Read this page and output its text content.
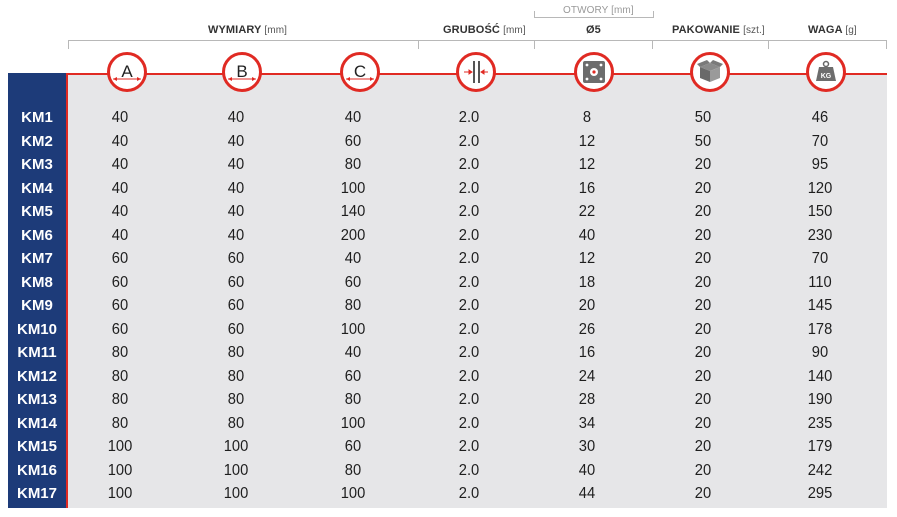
WYMIARY [mm]	GRUBOŚĆ [mm]
OTWORY [mm]
Ø5	PAKOWANIE [szt.]	WAGA [g]
A	B	C	KG
KM1	40	40	40	2.0	8	50	46
KM2	40	40	60	2.0	12	50	70
KM3	40	40	80	2.0	12	20	95
KM4	40	40	100	2.0	16	20	120
KM5	40	40	140	2.0	22	20	150
KM6	40	40	200	2.0	40	20	230
KM7	60	60	40	2.0	12	20	70
KM8	60	60	60	2.0	18	20	110
KM9	60	60	80	2.0	20	20	145
KM10	60	60	100	2.0	26	20	178
KM11	80	80	40	2.0	16	20	90
KM12	80	80	60	2.0	24	20	140
KM13	80	80	80	2.0	28	20	190
KM14	80	80	100	2.0	34	20	235
KM15	100	100	60	2.0	30	20	179
KM16	100	100	80	2.0	40	20	242
KM17	100	100	100	2.0	44	20	295
